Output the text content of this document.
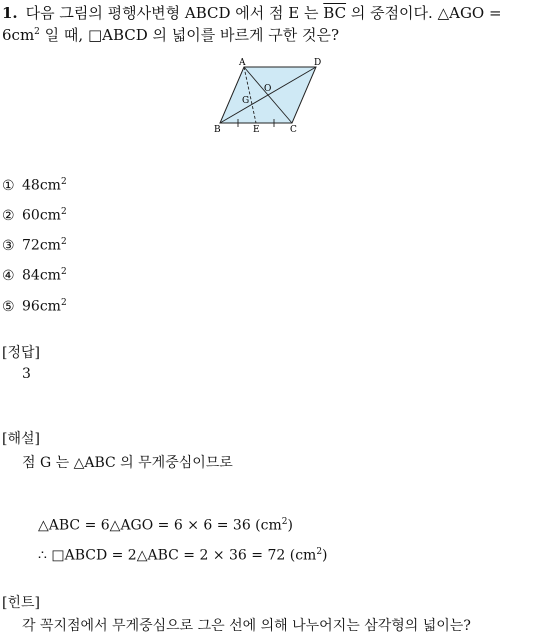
1. 다음 그림의 평행사변형 ABCD 에서 점 E 는 $\overline{BC}$ 의 중점이다. △AGO =
$6cm^2$ 일 때, □ABCD 의 넓이를 바르게 구한 것은?
A	D
B	E	C
O
G
① $48cm^2$
② $60cm^2$
③ $72cm^2$
④ $84cm^2$
⑤ $96cm^2$
[정답]
3
[해설]
점 G 는 △ABC 의 무게중심이므로
△ABC = 6△AGO = 6 × 6 = 36 $(cm^2)$
∴ □ABCD = 2△ABC = 2 × 36 = 72 $(cm^2)$
[힌트]
각 꼭지점에서 무게중심으로 그은 선에 의해 나누어지는 삼각형의 넓이는?
